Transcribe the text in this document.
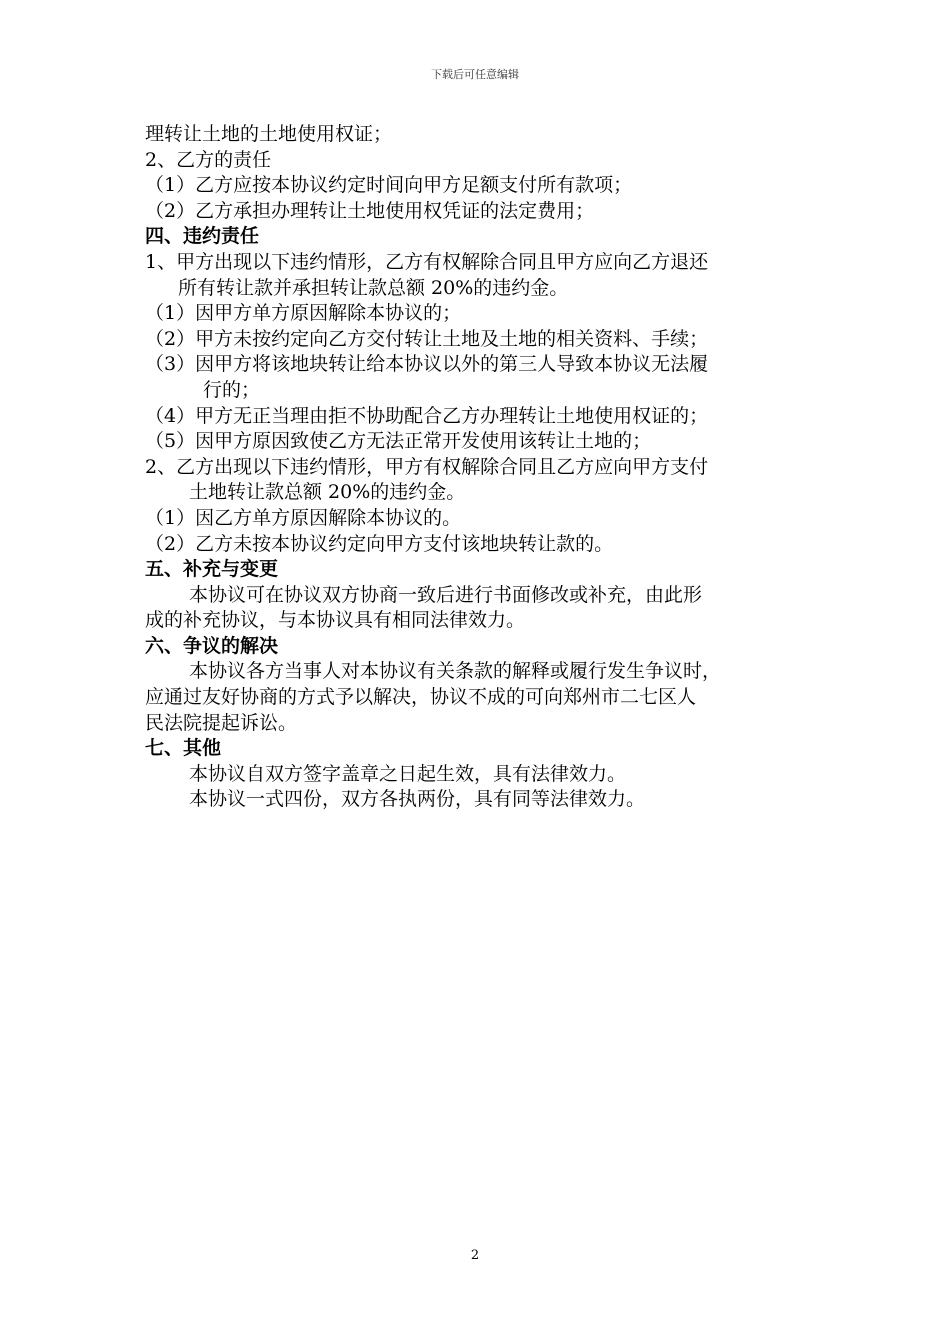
下载后可任意编辑
理转让土地的土地使用权证；
2、乙方的责任
（1）乙方应按本协议约定时间向甲方足额支付所有款项；
（2）乙方承担办理转让土地使用权凭证的法定费用；
四、违约责任
1、甲方出现以下违约情形，乙方有权解除合同且甲方应向乙方退还
所有转让款并承担转让款总额 20%的违约金。
（1）因甲方单方原因解除本协议的；
（2）甲方未按约定向乙方交付转让土地及土地的相关资料、手续；
（3）因甲方将该地块转让给本协议以外的第三人导致本协议无法履
行的；
（4）甲方无正当理由拒不协助配合乙方办理转让土地使用权证的；
（5）因甲方原因致使乙方无法正常开发使用该转让土地的；
2、乙方出现以下违约情形，甲方有权解除合同且乙方应向甲方支付
土地转让款总额 20%的违约金。
（1）因乙方单方原因解除本协议的。
（2）乙方未按本协议约定向甲方支付该地块转让款的。
五、补充与变更
本协议可在协议双方协商一致后进行书面修改或补充，由此形
成的补充协议，与本协议具有相同法律效力。
六、争议的解决
本协议各方当事人对本协议有关条款的解释或履行发生争议时，
应通过友好协商的方式予以解决，协议不成的可向郑州市二七区人
民法院提起诉讼。
七、其他
本协议自双方签字盖章之日起生效，具有法律效力。
本协议一式四份，双方各执两份，具有同等法律效力。
2
